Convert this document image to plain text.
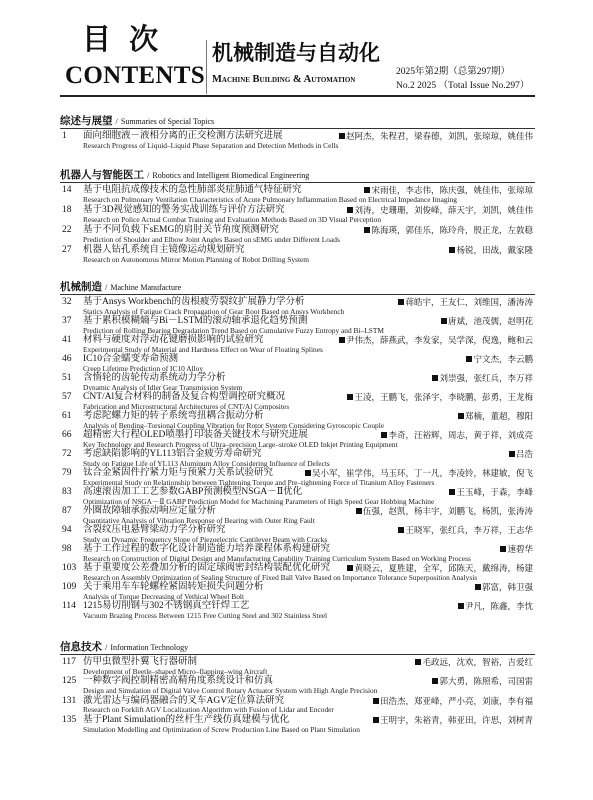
目 次
CONTENTS
机械制造与自动化
Machine Building & Automation
2025年第2期（总第297期）
No.2 2025 （Total Issue No.297）
综述与展望 / Summaries of Special Topics
1 面向细胞液－液相分离的正交检测方法研究进展	赵阿杰，朱程君，梁春德，刘凯，张琼琼，姚佳伟
Research Progress of Liquid–Liquid Phase Separation and Detection Methods in Cells
机器人与智能医工 / Robotics and Intelligent Biomedical Engineering
14 基于电阻抗成像技术的急性肺部炎症肺通气特征研究	宋雨佳，李志伟，陈庆强，姚佳伟，张琼琼
Research on Pulmonary Ventilation Characteristics of Acute Pulmonary Inflammation Based on Electrical Impedance Imaging
18 基于3D视觉感知的警务实战训练与评价方法研究	刘涛，史珊珊，刘俊峰，薛天宇，刘凯，姚佳伟
Research on Police Actual Combat Training and Evaluation Methods Based on 3D Visual Perception
22 基于不同负载下sEMG的肩肘关节角度预测研究	陈海瑛，郭佳乐，陈玲舟，殷正龙，左敦稳
Prediction of Shoulder and Elbow Joint Angles Based on sEMG under Different Loads
27 机器人钻孔系统自主镜像运动规划研究	杨锐，田战，戴家隆
Research on Autonomous Mirror Motion Planning of Robot Drilling System
机械制造 / Machine Manufacture
32 基于Ansys Workbench的齿根疲劳裂纹扩展静力学分析	蒋皓宇，王友仁，刘维国，潘涛涛
Statics Analysis of Fatigue Crack Propagation of Gear Root Based on Ansys Workbench
37 基于累积模糊熵与Bi－LSTM的滚动轴承退化趋势预测	唐斌，池茂儒，赵明花
Prediction of Rolling Bearing Degradation Trend Based on Cumulative Fuzzy Entropy and Bi–LSTM
41 材料与硬度对浮动花键磨损影响的试验研究	尹伟杰，薛燕武，李发家，吴学深，倪逸，鲍和云
Experimental Study of Material and Hardness Effect on Wear of Floating Splines
46 IC10合金蠕变寿命预测	宁文杰，李云鹏
Creep Lifetime Prediction of IC10 Alloy
51 含惰轮的齿轮传动系统动力学分析	刘崇强，张红兵，李万祥
Dynamic Analysis of Idler Gear Transmission System
57 CNT/Al复合材料的制备及复合构型调控研究概况	王凌，王鹏飞，张泽宇，李晓鹏，彭勇，王龙梅
Fabrication and Microstructural Architectures of CNT/Al Composites
61 考虑陀螺力矩的转子系统弯扭耦合振动分析	郑楠，董超，穆阳
Analysis of Bending–Torsional Coupling Vibration for Rotor System Considering Gyroscopic Couple
66 超精密大行程OLED喷墨打印装备关键技术与研究进展	李奇，汪裕辉，周志，黄于祥，刘成亮
Key Technology and Research Progress of Ultra–precision Large–stroke OLED Inkjet Printing Equipment
72 考虑缺陷影响的YL113铝合金疲劳寿命研究	吕浩
Study on Fatigue Life of YL113 Aluminum Alloy Considering Influence of Defects
79 钛合金紧固件拧紧力矩与预紧力关系试验研究	吴小军，崔学伟，马玉环，丁一凡，李凌铃，林建敏，倪飞
Experimental Study on Relationship between Tightening Torque and Pre–tightening Force of Titanium Alloy Fasteners
83 高速滚齿加工工艺参数GABP预测模型NSGA－Ⅱ优化	王玉峰，于森，李峰
Optimization of NSGA－Ⅱ GABP Prediction Model for Machining Parameters of High Speed Gear Hobbing Machine
87 外圈故障轴承振动响应定量分析	伍强，赵凯，杨丰宇，刘鹏飞，杨凯，张涛涛
Quantitative Analysis of Vibration Response of Bearing with Outer Ring Fault
94 含裂纹压电悬臂梁动力学分析研究	王晓军，张红兵，李万祥，王志华
Study on Dynamic Frequency Slope of Piezoelectric Cantilever Beam with Cracks
98 基于工作过程的数字化设计制造能力培养课程体系构建研究	速碧华
Research on Construction of Digital Design and Manufacturing Capability Training Curriculum System Based on Working Process
103 基于重要度公差叠加分析的固定球阀密封结构装配优化研究	黄晓云，夏胜建，全军，邱陈天，戴绵涛，杨建
Research on Assembly Optimization of Sealing Structure of Fixed Ball Valve Based on Importance Tolerance Superposition Analysis
109 关于乘用车车轮螺栓紧固转矩损失问题分析	郭富，韩卫强
Analysis of Torque Decreasing of Vethical Wheel Bolt
114 1215易切削钢与302不锈钢真空钎焊工艺	尹凡，陈鑫，李忱
Vacuum Brazing Process Between 1215 Free Cutting Steel and 302 Stainless Steel
信息技术 / Information Technology
117 仿甲虫微型扑翼飞行器研制	毛政远，沈欢，智裕，吉爱红
Development of Beetle–shaped Micro–flapping–wing Aircraft
125 一种数字阀控制精密高精角度系统设计和仿真	郭大勇，陈照希，司国雷
Design and Simulation of Digital Valve Control Rotary Actuator System with High Angle Precision
131 激光雷达与编码器融合的叉车AGV定位算法研究	田浩杰，郑亚峰，严小亮，刘康，李有福
Research on Forklift AGV Localization Algorithm with Fusion of Lidar and Encoder
135 基于Plant Simulation的丝杆生产线仿真建模与优化	王明宇，朱裕青，韩亚田，许思，刘树青
Simulation Modelling and Optimization of Screw Production Line Based on Plant Simulation
